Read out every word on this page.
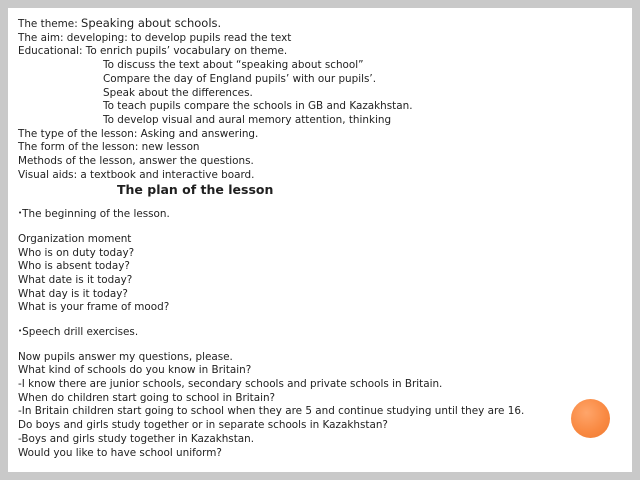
The theme: Speaking about schools.

The aim: developing: to develop pupils read the text

Educational: To enrich pupils’ vocabulary on theme.

To discuss the text about “speaking about school”

Compare the day of England pupils’ with our pupils’.

Speak about the differences.

To teach pupils compare the schools in GB and Kazakhstan.

To develop visual and aural memory attention, thinking

The type of the lesson: Asking and answering.

The form of the lesson: new lesson

Methods of the lesson, answer the questions.

Visual aids: a textbook and interactive board.

The plan of the lesson

•The beginning of the lesson.

Organization moment

Who is on duty today?

Who is absent today?

What date is it today?

What day is it today?

What is your frame of mood?

•Speech drill exercises.

Now pupils answer my questions, please.

What kind of schools do you know in Britain?

-I know there are junior schools, secondary schools and private schools in Britain.

When do children start going to school in Britain?

-In Britain children start going to school when they are 5 and continue studying until they are 16.

Do boys and girls study together or in separate schools in Kazakhstan?

-Boys and girls study together in Kazakhstan.

Would you like to have school uniform?
